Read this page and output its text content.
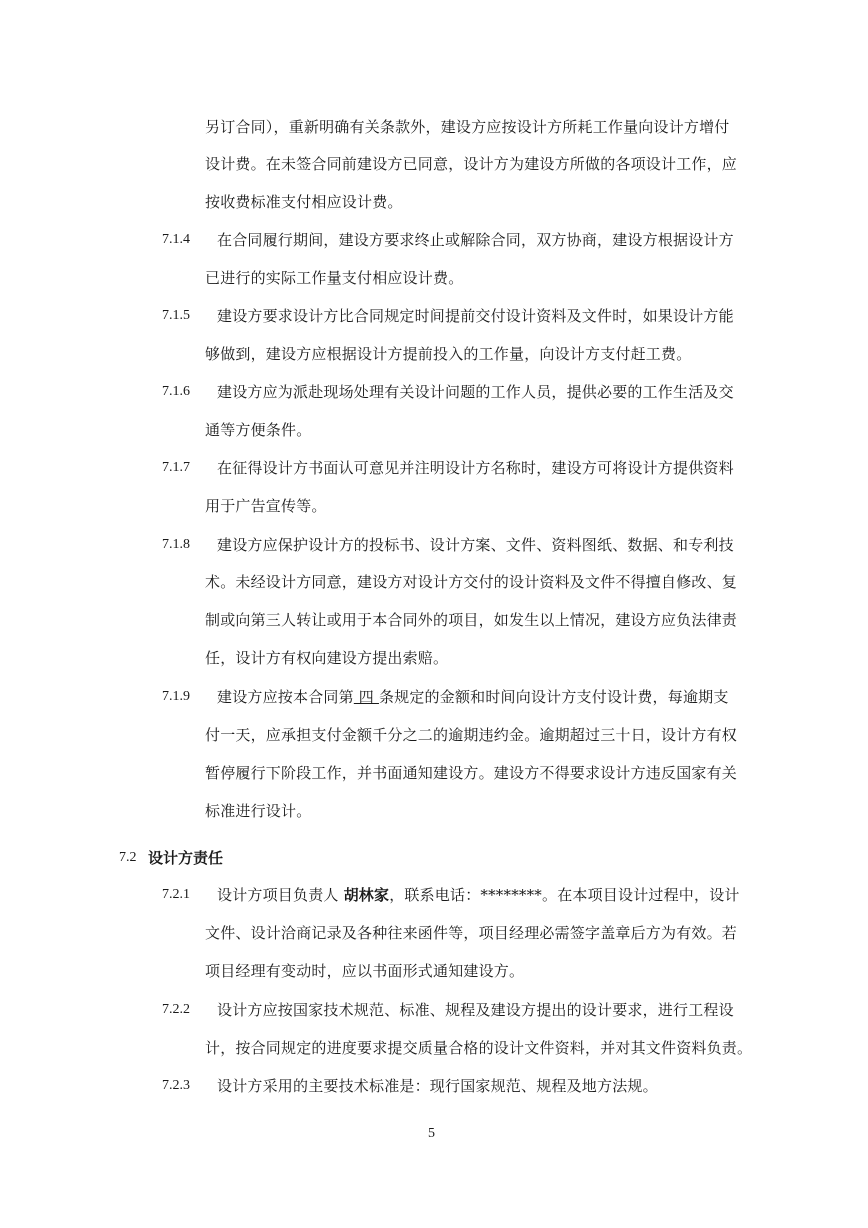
另订合同），重新明确有关条款外，建设方应按设计方所耗工作量向设计方增付
设计费。在未签合同前建设方已同意，设计方为建设方所做的各项设计工作，应
按收费标准支付相应设计费。
7.1.4 在合同履行期间，建设方要求终止或解除合同，双方协商，建设方根据设计方
已进行的实际工作量支付相应设计费。
7.1.5 建设方要求设计方比合同规定时间提前交付设计资料及文件时，如果设计方能
够做到，建设方应根据设计方提前投入的工作量，向设计方支付赶工费。
7.1.6 建设方应为派赴现场处理有关设计问题的工作人员，提供必要的工作生活及交
通等方便条件。
7.1.7 在征得设计方书面认可意见并注明设计方名称时，建设方可将设计方提供资料
用于广告宣传等。
7.1.8 建设方应保护设计方的投标书、设计方案、文件、资料图纸、数据、和专利技
术。未经设计方同意，建设方对设计方交付的设计资料及文件不得擅自修改、复
制或向第三人转让或用于本合同外的项目，如发生以上情况，建设方应负法律责
任，设计方有权向建设方提出索赔。
7.1.9 建设方应按本合同第 四 条规定的金额和时间向设计方支付设计费，每逾期支
付一天，应承担支付金额千分之二的逾期违约金。逾期超过三十日，设计方有权
暂停履行下阶段工作，并书面通知建设方。建设方不得要求设计方违反国家有关
标准进行设计。
7.2 设计方责任
7.2.1 设计方项目负责人 胡林家，联系电话：********。在本项目设计过程中，设计
文件、设计洽商记录及各种往来函件等，项目经理必需签字盖章后方为有效。若
项目经理有变动时，应以书面形式通知建设方。
7.2.2 设计方应按国家技术规范、标准、规程及建设方提出的设计要求，进行工程设
计，按合同规定的进度要求提交质量合格的设计文件资料，并对其文件资料负责。
7.2.3 设计方采用的主要技术标准是：现行国家规范、规程及地方法规。
5
